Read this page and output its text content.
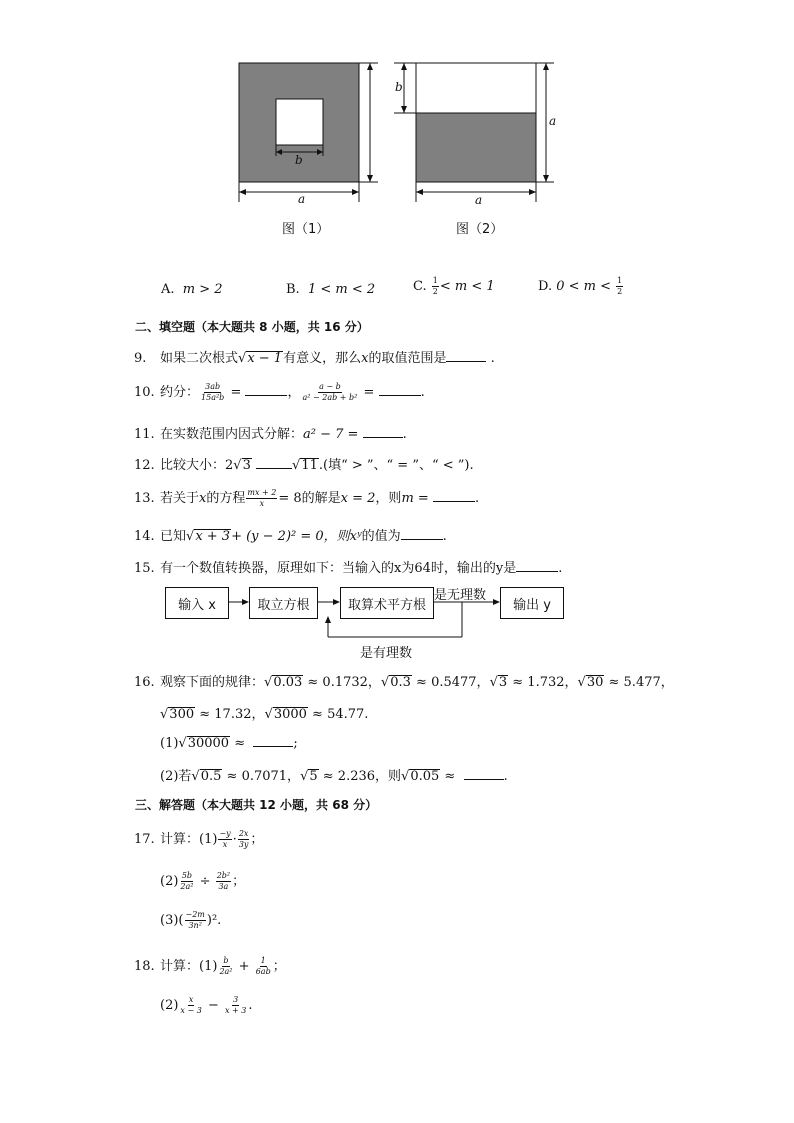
b
a
图（1）
b
a
a
图（2）
A. m > 2	B. 1 < m < 2	C. $\frac{1}{2} < m < 1$	D. $0 < m < \frac{1}{2}$
二、填空题（本大题共 8 小题，共 16 分）
9. 如果二次根式√x − 1有意义，那么x的取值范围是	.
10. 约分： $\frac{3ab}{\text{15a²b}}$ =	， $\frac{a - b}{\text{a² − 2ab + b²}}$ =	.
11. 在实数范围内因式分解：a² − 7 =	.
12. 比较大小：2√3	√11.(填“ > ”、“ = ”、“ < ”).
13. 若关于x的方程 $\frac{mx + 2}{x} = 8$的解是x = 2，则m =	.
14. 已知√x + 3+ (y − 2)² = 0，则xʸ的值为	.
15. 有一个数值转换器，原理如下：当输入的x为64时，输出的y是	.
输入 x	取立方根	取算术平方根	输出 y
是无理数
是有理数
16. 观察下面的规律：√0.03 ≈ 0.1732，√0.3 ≈ 0.5477，√3 ≈ 1.732，√30 ≈ 5.477，
√300 ≈ 17.32，√3000 ≈ 54.77.
(1)√30000 ≈	;
(2)若√0.5 ≈ 0.7071，√5 ≈ 2.236，则√0.05 ≈	.
三、解答题（本大题共 12 小题，共 68 分）
17. 计算：$(1) \frac{-y}{x} \cdot \frac{2x}{3y}$ ；
$(2) \frac{5b}{\text{2a²}} \div \frac{\text{2b²}}{3a}$ ；
$(3)( \frac{-2m}{\text{3n²}} )^2$.
18. 计算：$(1) \frac{b}{\text{2a²}} + \frac{1}{6ab}$ ；
$(2) \frac{x}{x - 3} - \frac{3}{x + 3}$ .
